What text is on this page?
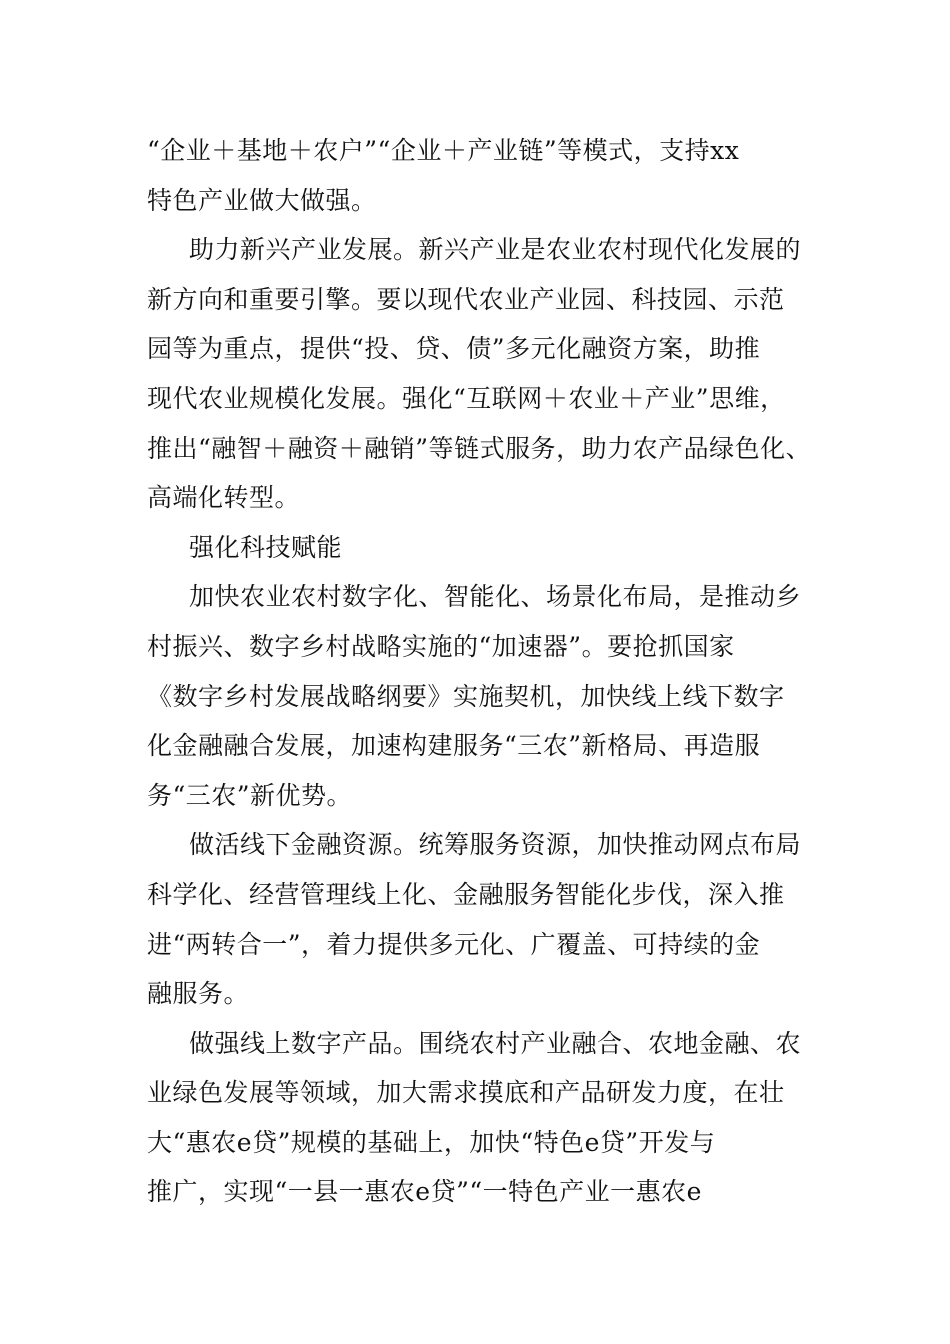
“企业＋基地＋农户”“企业＋产业链”等模式，支持xx
特色产业做大做强。
助力新兴产业发展。新兴产业是农业农村现代化发展的
新方向和重要引擎。要以现代农业产业园、科技园、示范
园等为重点，提供“投、贷、债”多元化融资方案，助推
现代农业规模化发展。强化“互联网＋农业＋产业”思维，
推出“融智＋融资＋融销”等链式服务，助力农产品绿色化、
高端化转型。
强化科技赋能
加快农业农村数字化、智能化、场景化布局，是推动乡
村振兴、数字乡村战略实施的“加速器”。要抢抓国家
《数字乡村发展战略纲要》实施契机，加快线上线下数字
化金融融合发展，加速构建服务“三农”新格局、再造服
务“三农”新优势。
做活线下金融资源。统筹服务资源，加快推动网点布局
科学化、经营管理线上化、金融服务智能化步伐，深入推
进“两转合一”，着力提供多元化、广覆盖、可持续的金
融服务。
做强线上数字产品。围绕农村产业融合、农地金融、农
业绿色发展等领域，加大需求摸底和产品研发力度，在壮
大“惠农e贷”规模的基础上，加快“特色e贷”开发与
推广，实现“一县一惠农e贷”“一特色产业一惠农e
